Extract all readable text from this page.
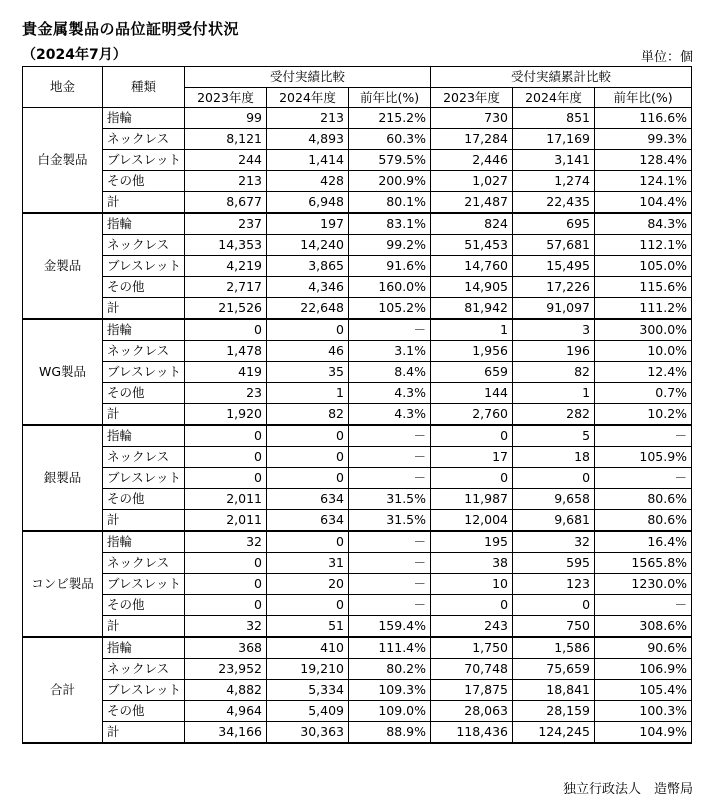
貴金属製品の品位証明受付状況
（2024年7月）	単位：個
地金	種類	受付実績比較			受付実績累計比較		
		2023年度	2024年度	前年比(%)	2023年度	2024年度	前年比(%)
白金製品	指輪	99	213	215.2%	730	851	116.6%
	ネックレス	8,121	4,893	60.3%	17,284	17,169	99.3%
	ブレスレット	244	1,414	579.5%	2,446	3,141	128.4%
	その他	213	428	200.9%	1,027	1,274	124.1%
	計	8,677	6,948	80.1%	21,487	22,435	104.4%
金製品	指輪	237	197	83.1%	824	695	84.3%
	ネックレス	14,353	14,240	99.2%	51,453	57,681	112.1%
	ブレスレット	4,219	3,865	91.6%	14,760	15,495	105.0%
	その他	2,717	4,346	160.0%	14,905	17,226	115.6%
	計	21,526	22,648	105.2%	81,942	91,097	111.2%
WG製品	指輪	0	0	－	1	3	300.0%
	ネックレス	1,478	46	3.1%	1,956	196	10.0%
	ブレスレット	419	35	8.4%	659	82	12.4%
	その他	23	1	4.3%	144	1	0.7%
	計	1,920	82	4.3%	2,760	282	10.2%
銀製品	指輪	0	0	－	0	5	－
	ネックレス	0	0	－	17	18	105.9%
	ブレスレット	0	0	－	0	0	－
	その他	2,011	634	31.5%	11,987	9,658	80.6%
	計	2,011	634	31.5%	12,004	9,681	80.6%
コンビ製品	指輪	32	0	－	195	32	16.4%
	ネックレス	0	31	－	38	595	1565.8%
	ブレスレット	0	20	－	10	123	1230.0%
	その他	0	0	－	0	0	－
	計	32	51	159.4%	243	750	308.6%
合計	指輪	368	410	111.4%	1,750	1,586	90.6%
	ネックレス	23,952	19,210	80.2%	70,748	75,659	106.9%
	ブレスレット	4,882	5,334	109.3%	17,875	18,841	105.4%
	その他	4,964	5,409	109.0%	28,063	28,159	100.3%
	計	34,166	30,363	88.9%	118,436	124,245	104.9%
独立行政法人　造幣局
